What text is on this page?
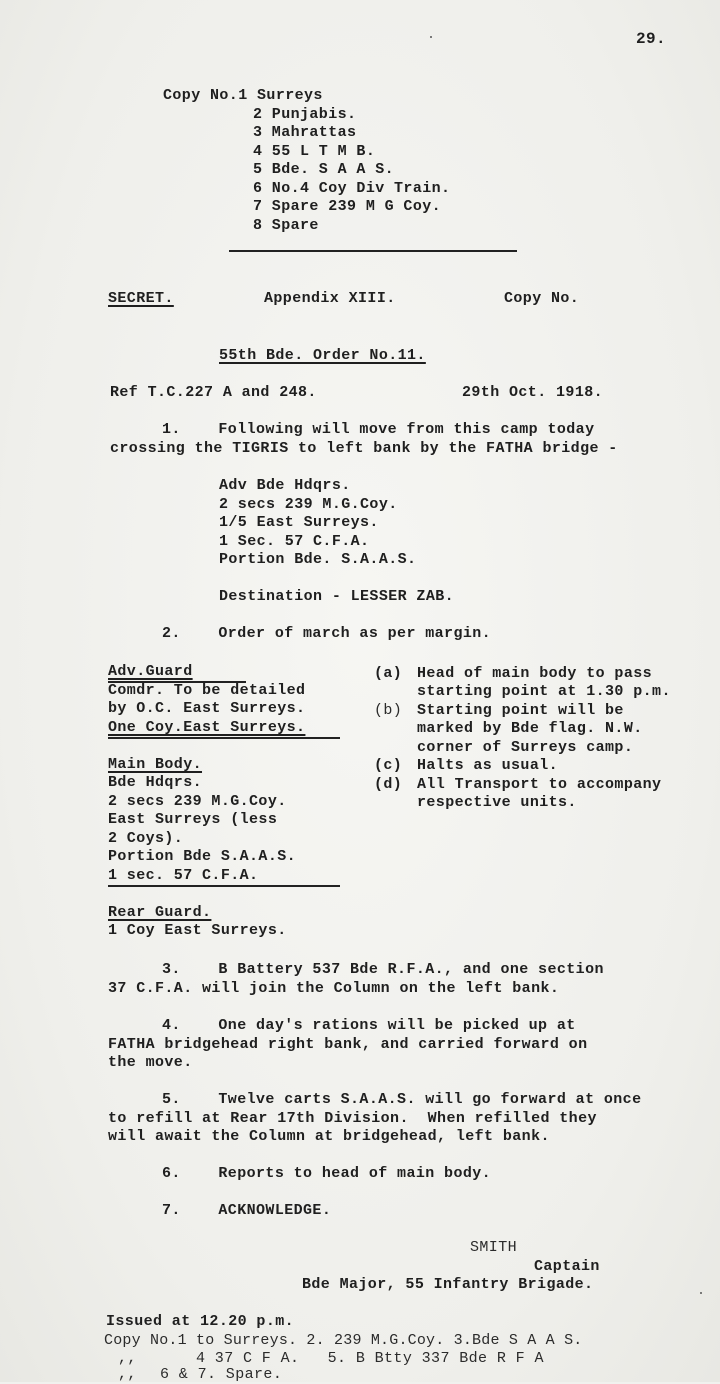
29.
Copy No.1 Surreys
2 Punjabis.
3 Mahrattas
4 55 L T M B.
5 Bde. S A A S.
6 No.4 Coy Div Train.
7 Spare 239 M G Coy.
8 Spare
SECRET.	Appendix XIII.	Copy No.
55th Bde. Order No.11.
Ref T.C.227 A and 248.	29th Oct. 1918.
1.    Following will move from this camp today
crossing the TIGRIS to left bank by the FATHA bridge -
Adv Bde Hdqrs.
2 secs 239 M.G.Coy.
1/5 East Surreys.
1 Sec. 57 C.F.A.
Portion Bde. S.A.A.S.
Destination - LESSER ZAB.
2.    Order of march as per margin.
Adv.Guard
Comdr. To be detailed
by O.C. East Surreys.
One Coy.East Surreys.
Main Body.
Bde Hdqrs.
2 secs 239 M.G.Coy.
East Surreys (less
2 Coys).
Portion Bde S.A.A.S.
1 sec. 57 C.F.A.
Rear Guard.
1 Coy East Surreys.
(a) Head of main body to pass
starting point at 1.30 p.m.
(b) Starting point will be
marked by Bde flag. N.W.
corner of Surreys camp.
(c) Halts as usual.
(d) All Transport to accompany
respective units.
3.    B Battery 537 Bde R.F.A., and one section
37 C.F.A. will join the Column on the left bank.
4.    One day's rations will be picked up at
FATHA bridgehead right bank, and carried forward on
the move.
5.    Twelve carts S.A.A.S. will go forward at once
to refill at Rear 17th Division.  When refilled they
will await the Column at bridgehead, left bank.
6.    Reports to head of main body.
7.    ACKNOWLEDGE.
SMITH
Captain
Bde Major, 55 Infantry Brigade.
Issued at 12.20 p.m.
Copy No.1 to Surreys. 2. 239 M.G.Coy. 3.Bde S A A S.
,,	4 37 C F A.   5. B Btty 337 Bde R F A
,, 6 & 7. Spare.
